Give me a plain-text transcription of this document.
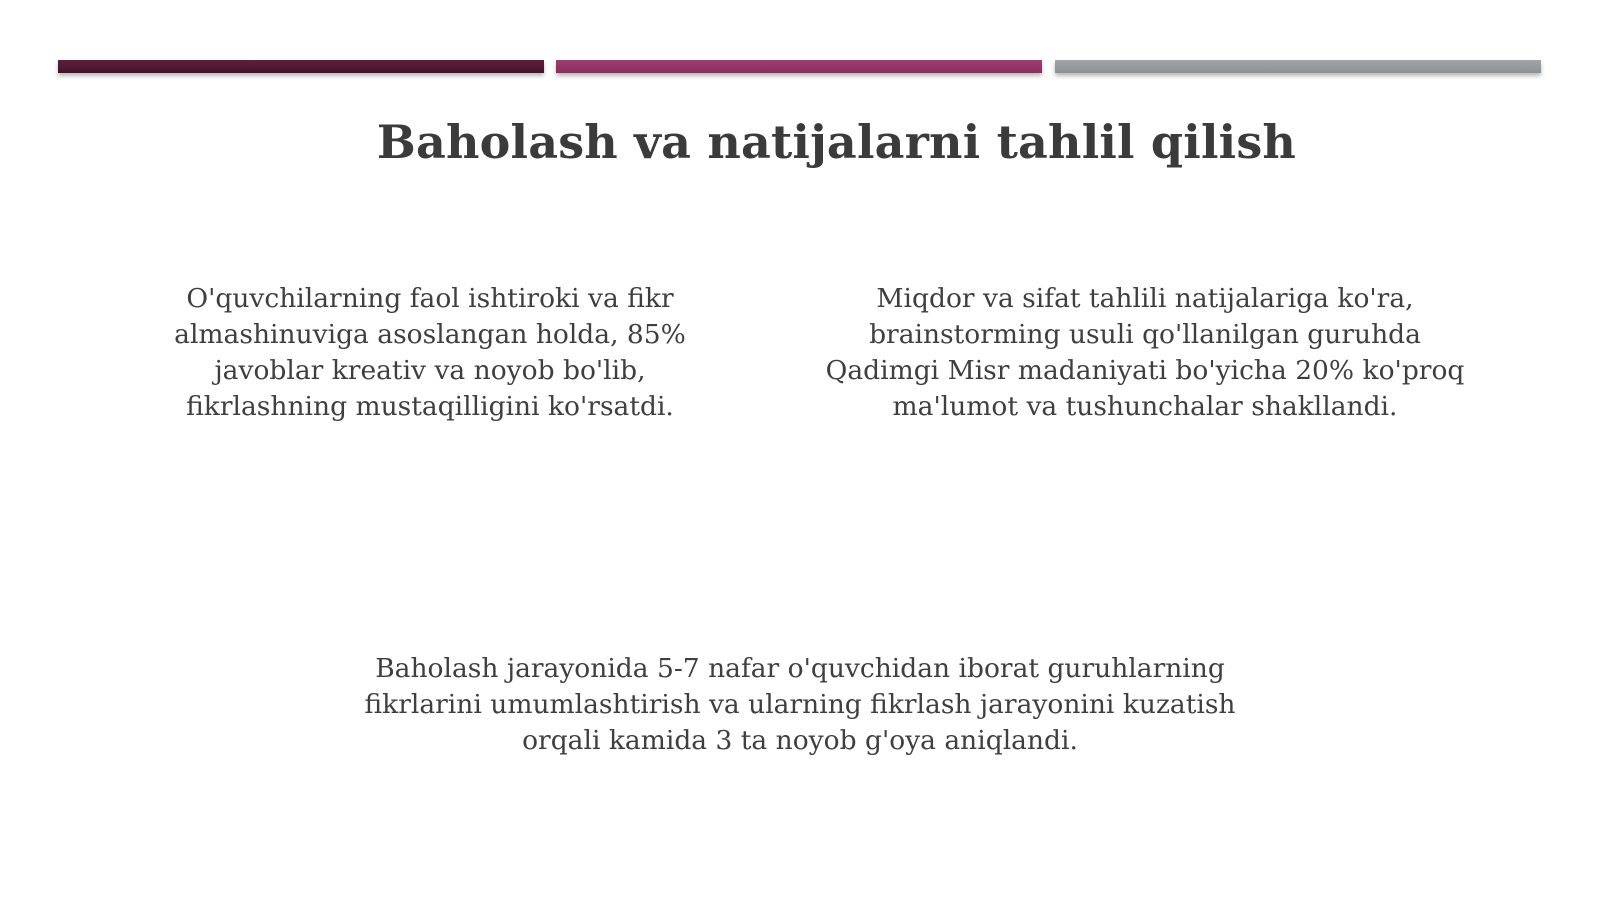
Baholash va natijalarni tahlil qilish

O'quvchilarning faol ishtiroki va fikr
almashinuviga asoslangan holda, 85%
javoblar kreativ va noyob bo'lib,
fikrlashning mustaqilligini ko'rsatdi.

Miqdor va sifat tahlili natijalariga ko'ra,
brainstorming usuli qo'llanilgan guruhda
Qadimgi Misr madaniyati bo'yicha 20% ko'proq
ma'lumot va tushunchalar shakllandi.

Baholash jarayonida 5-7 nafar o'quvchidan iborat guruhlarning
fikrlarini umumlashtirish va ularning fikrlash jarayonini kuzatish
orqali kamida 3 ta noyob g'oya aniqlandi.
